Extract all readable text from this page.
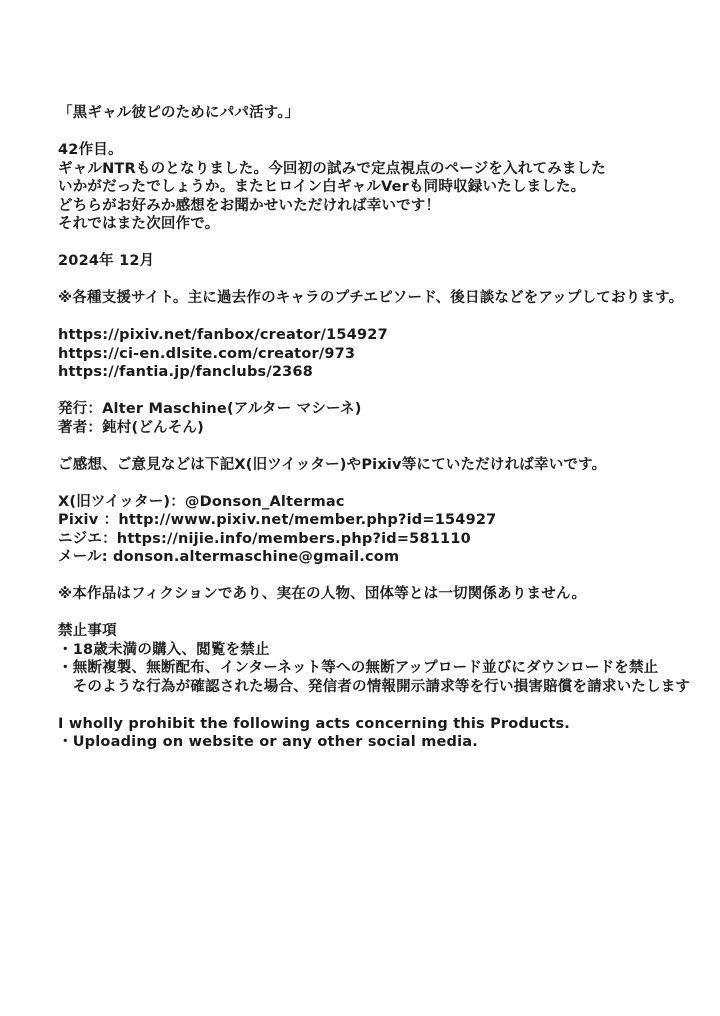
「黒ギャル彼ピのためにパパ活す。」
42作目。
ギャルNTRものとなりました。今回初の試みで定点視点のページを入れてみました
いかがだったでしょうか。またヒロイン白ギャルVerも同時収録いたしました。
どちらがお好みか感想をお聞かせいただければ幸いです！
それではまた次回作で。
2024年 12月
※各種支援サイト。主に過去作のキャラのプチエピソード、後日談などをアップしております。
https://pixiv.net/fanbox/creator/154927
https://ci-en.dlsite.com/creator/973
https://fantia.jp/fanclubs/2368
発行：Alter Maschine(アルター マシーネ)
著者：鈍村(どんそん)
ご感想、ご意見などは下記X(旧ツイッター)やPixiv等にていただければ幸いです。
X(旧ツイッター)：@Donson_Altermac
Pixiv ：http://www.pixiv.net/member.php?id=154927
ニジエ：https://nijie.info/members.php?id=581110
メール: donson.altermaschine@gmail.com
※本作品はフィクションであり、実在の人物、団体等とは一切関係ありません。
禁止事項
・18歳未満の購入、閲覧を禁止
・無断複製、無断配布、インターネット等への無断アップロード並びにダウンロードを禁止
　そのような行為が確認された場合、発信者の情報開示請求等を行い損害賠償を請求いたします
I wholly prohibit the following acts concerning this Products.
・Uploading on website or any other social media.
